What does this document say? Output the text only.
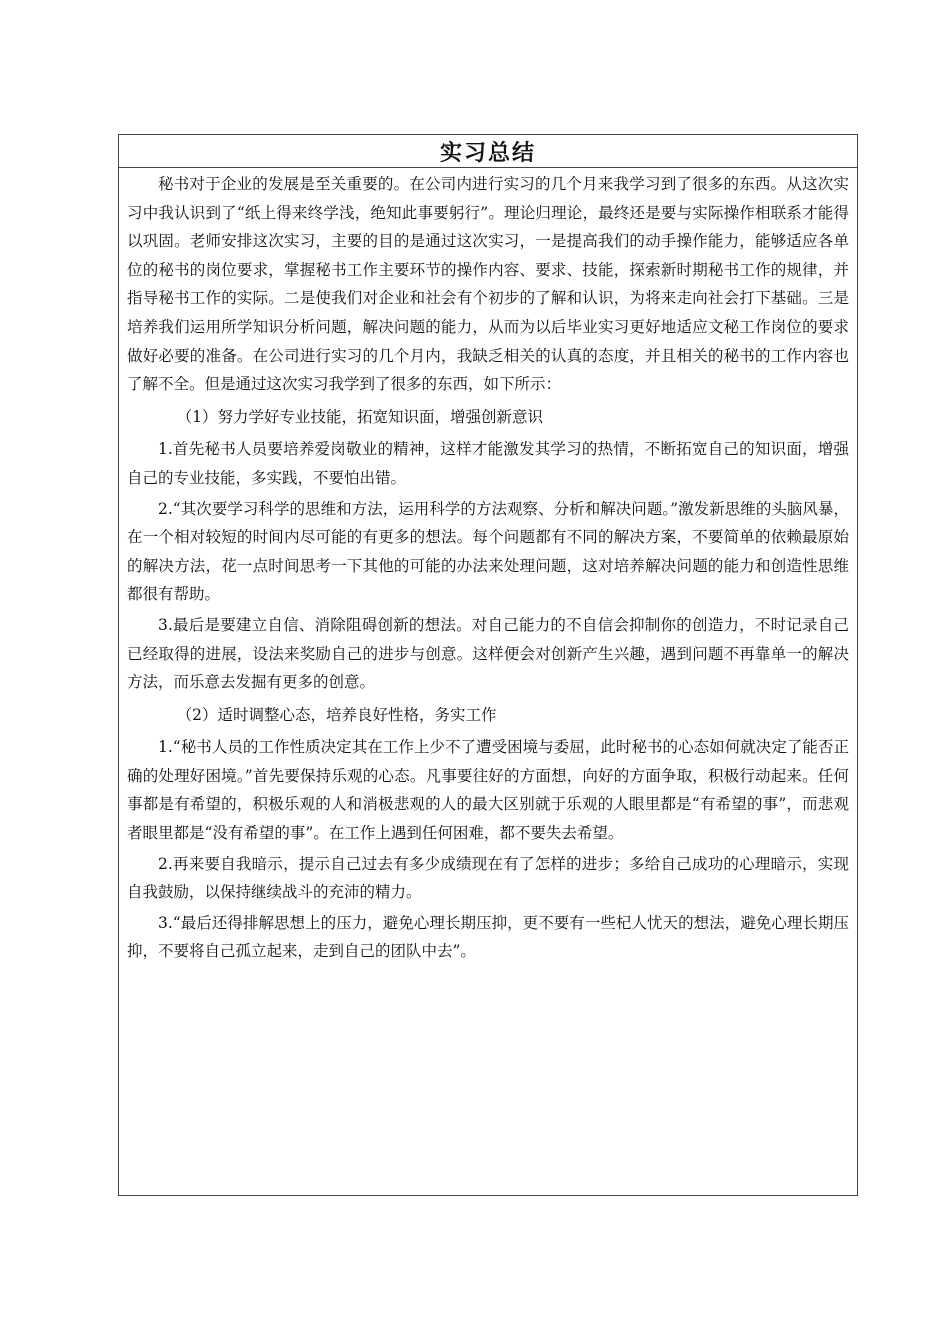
实习总结

秘书对于企业的发展是至关重要的。在公司内进行实习的几个月来我学习到了很多的东西。从这次实习中我认识到了“纸上得来终学浅，绝知此事要躬行”。理论归理论，最终还是要与实际操作相联系才能得以巩固。老师安排这次实习，主要的目的是通过这次实习，一是提高我们的动手操作能力，能够适应各单位的秘书的岗位要求，掌握秘书工作主要环节的操作内容、要求、技能，探索新时期秘书工作的规律，并指导秘书工作的实际。二是使我们对企业和社会有个初步的了解和认识，为将来走向社会打下基础。三是培养我们运用所学知识分析问题，解决问题的能力，从而为以后毕业实习更好地适应文秘工作岗位的要求做好必要的准备。在公司进行实习的几个月内，我缺乏相关的认真的态度，并且相关的秘书的工作内容也了解不全。但是通过这次实习我学到了很多的东西，如下所示：

（1）努力学好专业技能，拓宽知识面，增强创新意识

1.首先秘书人员要培养爱岗敬业的精神，这样才能激发其学习的热情，不断拓宽自己的知识面，增强自己的专业技能，多实践，不要怕出错。

2.“其次要学习科学的思维和方法，运用科学的方法观察、分析和解决问题。”激发新思维的头脑风暴，在一个相对较短的时间内尽可能的有更多的想法。每个问题都有不同的解决方案，不要简单的依赖最原始的解决方法，花一点时间思考一下其他的可能的办法来处理问题，这对培养解决问题的能力和创造性思维都很有帮助。

3.最后是要建立自信、消除阻碍创新的想法。对自己能力的不自信会抑制你的创造力，不时记录自己已经取得的进展，设法来奖励自己的进步与创意。这样便会对创新产生兴趣，遇到问题不再靠单一的解决方法，而乐意去发掘有更多的创意。

（2）适时调整心态，培养良好性格，务实工作

1.“秘书人员的工作性质决定其在工作上少不了遭受困境与委屈，此时秘书的心态如何就决定了能否正确的处理好困境。”首先要保持乐观的心态。凡事要往好的方面想，向好的方面争取，积极行动起来。任何事都是有希望的，积极乐观的人和消极悲观的人的最大区别就于乐观的人眼里都是“有希望的事”，而悲观者眼里都是“没有希望的事”。在工作上遇到任何困难，都不要失去希望。

2.再来要自我暗示，提示自己过去有多少成绩现在有了怎样的进步；多给自己成功的心理暗示，实现自我鼓励，以保持继续战斗的充沛的精力。

3.“最后还得排解思想上的压力，避免心理长期压抑，更不要有一些杞人忧天的想法，避免心理长期压抑，不要将自己孤立起来，走到自己的团队中去”。
